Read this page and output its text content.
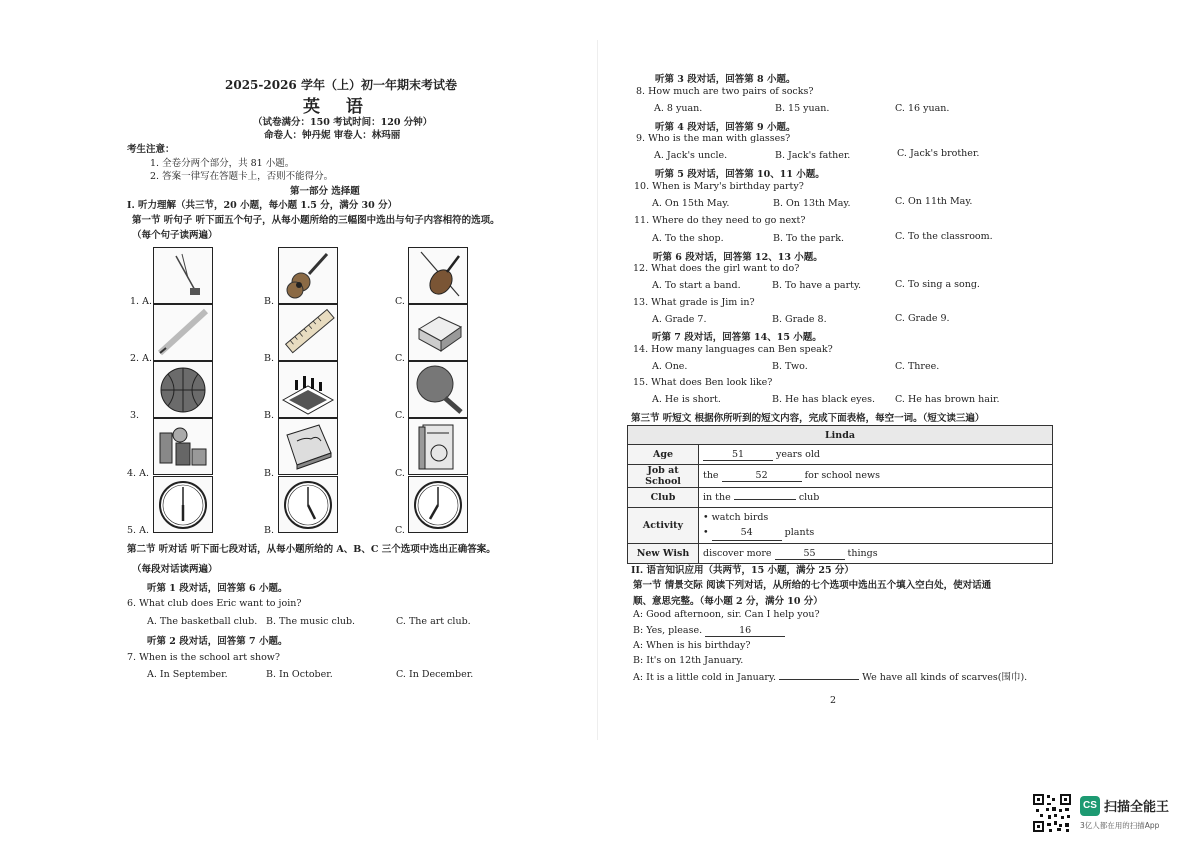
2025-2026 学年（上）初一年期末考试卷
英 语
（试卷满分：150 考试时间：120 分钟）
命卷人：钟丹妮 审卷人：林玛丽
考生注意：
1. 全卷分两个部分，共 81 小题。
2. 答案一律写在答题卡上，否则不能得分。
第一部分 选择题
I. 听力理解（共三节，20 小题，每小题 1.5 分，满分 30 分）
第一节 听句子 听下面五个句子，从每小题所给的三幅图中选出与句子内容相符的选项。
（每个句子读两遍）
1. A.
2. A.
3.
4. A.
5. A.
B.
B.
B.
B.
B.
C.
C.
C.
C.
C.
第二节 听对话 听下面七段对话，从每小题所给的 A、B、C 三个选项中选出正确答案。
（每段对话读两遍）
听第 1 段对话，回答第 6 小题。
6. What club does Eric want to join?
A. The basketball club. B. The music club.	C. The art club.
听第 2 段对话，回答第 7 小题。
7. When is the school art show?
A. In September.	B. In October.	C. In December.
听第 3 段对话，回答第 8 小题。
8. How much are two pairs of socks?
A. 8 yuan.	B. 15 yuan.	C. 16 yuan.
听第 4 段对话，回答第 9 小题。
9. Who is the man with glasses?
A. Jack's uncle.	B. Jack's father.	C. Jack's brother.
听第 5 段对话，回答第 10、11 小题。
10. When is Mary's birthday party?
A. On 15th May.	B. On 13th May.	C. On 11th May.
11. Where do they need to go next?
A. To the shop.	B. To the park.	C. To the classroom.
听第 6 段对话，回答第 12、13 小题。
12. What does the girl want to do?
A. To start a band.	B. To have a party.	C. To sing a song.
13. What grade is Jim in?
A. Grade 7.	B. Grade 8.	C. Grade 9.
听第 7 段对话，回答第 14、15 小题。
14. How many languages can Ben speak?
A. One.	B. Two.	C. Three.
15. What does Ben look like?
A. He is short.	B. He has black eyes. C. He has brown hair.
第三节 听短文 根据你所听到的短文内容，完成下面表格，每空一词。（短文读三遍）
Linda	
Age	51 years old
Job at School	the 52 for school news
Club	in the club
Activity	• watch birds
• 54 plants

New Wish	discover more 55 things
II. 语言知识应用（共两节，15 小题，满分 25 分）
第一节 情景交际 阅读下列对话，从所给的七个选项中选出五个填入空白处，使对话通
顺、意思完整。（每小题 2 分，满分 10 分）
A: Good afternoon, sir. Can I help you?
B: Yes, please.	16
A: When is his birthday?
B: It's on 12th January.
A: It is a little cold in January.	We have all kinds of scarves(围巾).
2
CS 扫描全能王
3亿人都在用的扫描App
